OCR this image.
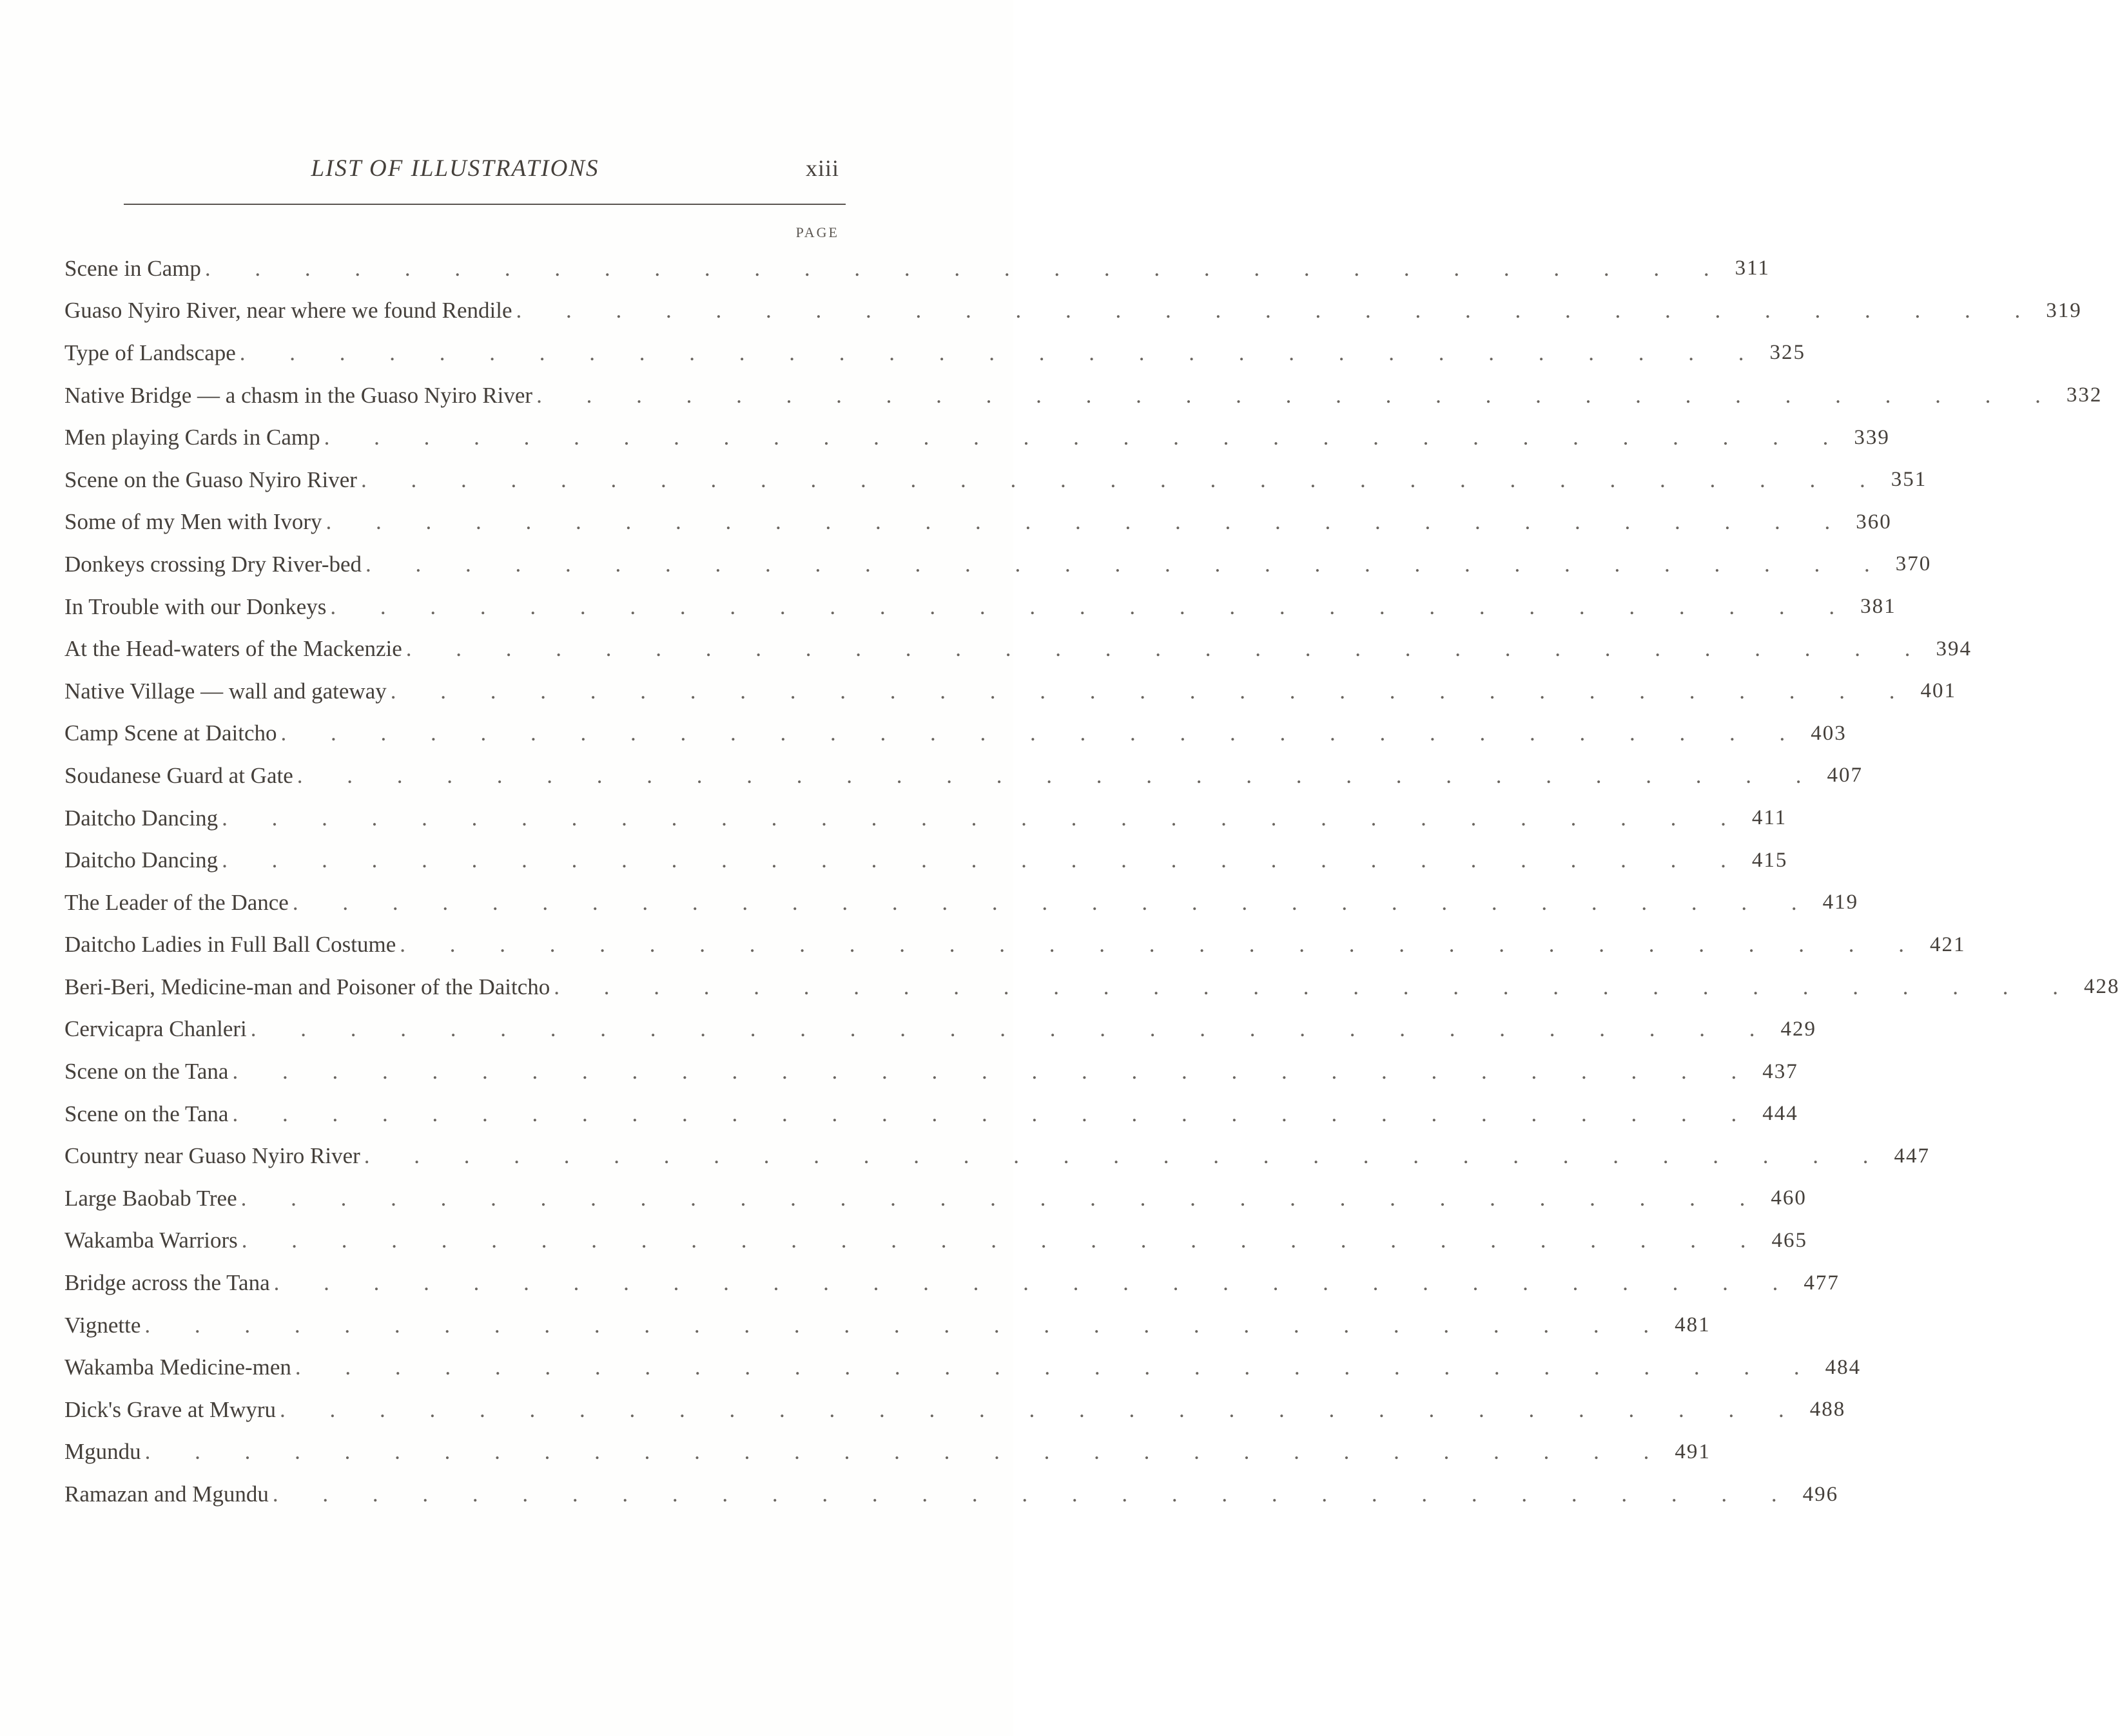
LIST OF ILLUSTRATIONS	xiii
PAGE
Scene in Camp . . . . . . . . . . . . . . . . . . . . . . . . . . . . . . . 311
Guaso Nyiro River, near where we found Rendile . . . . . . . . . . . . . . . . . . . . . . . . . . . . . . . 319
Type of Landscape . . . . . . . . . . . . . . . . . . . . . . . . . . . . . . . 325
Native Bridge — a chasm in the Guaso Nyiro River . . . . . . . . . . . . . . . . . . . . . . . . . . . . . . . 332
Men playing Cards in Camp . . . . . . . . . . . . . . . . . . . . . . . . . . . . . . . 339
Scene on the Guaso Nyiro River . . . . . . . . . . . . . . . . . . . . . . . . . . . . . . . 351
Some of my Men with Ivory . . . . . . . . . . . . . . . . . . . . . . . . . . . . . . . 360
Donkeys crossing Dry River-bed . . . . . . . . . . . . . . . . . . . . . . . . . . . . . . . 370
In Trouble with our Donkeys . . . . . . . . . . . . . . . . . . . . . . . . . . . . . . . 381
At the Head-waters of the Mackenzie . . . . . . . . . . . . . . . . . . . . . . . . . . . . . . . 394
Native Village — wall and gateway . . . . . . . . . . . . . . . . . . . . . . . . . . . . . . . 401
Camp Scene at Daitcho . . . . . . . . . . . . . . . . . . . . . . . . . . . . . . . 403
Soudanese Guard at Gate . . . . . . . . . . . . . . . . . . . . . . . . . . . . . . . 407
Daitcho Dancing . . . . . . . . . . . . . . . . . . . . . . . . . . . . . . . 411
Daitcho Dancing . . . . . . . . . . . . . . . . . . . . . . . . . . . . . . . 415
The Leader of the Dance . . . . . . . . . . . . . . . . . . . . . . . . . . . . . . . 419
Daitcho Ladies in Full Ball Costume . . . . . . . . . . . . . . . . . . . . . . . . . . . . . . . 421
Beri-Beri, Medicine-man and Poisoner of the Daitcho . . . . . . . . . . . . . . . . . . . . . . . . . . . . . . . 428
Cervicapra Chanleri . . . . . . . . . . . . . . . . . . . . . . . . . . . . . . . 429
Scene on the Tana . . . . . . . . . . . . . . . . . . . . . . . . . . . . . . . 437
Scene on the Tana . . . . . . . . . . . . . . . . . . . . . . . . . . . . . . . 444
Country near Guaso Nyiro River . . . . . . . . . . . . . . . . . . . . . . . . . . . . . . . 447
Large Baobab Tree . . . . . . . . . . . . . . . . . . . . . . . . . . . . . . . 460
Wakamba Warriors . . . . . . . . . . . . . . . . . . . . . . . . . . . . . . . 465
Bridge across the Tana . . . . . . . . . . . . . . . . . . . . . . . . . . . . . . . 477
Vignette . . . . . . . . . . . . . . . . . . . . . . . . . . . . . . . 481
Wakamba Medicine-men . . . . . . . . . . . . . . . . . . . . . . . . . . . . . . . 484
Dick's Grave at Mwyru . . . . . . . . . . . . . . . . . . . . . . . . . . . . . . . 488
Mgundu . . . . . . . . . . . . . . . . . . . . . . . . . . . . . . . 491
Ramazan and Mgundu . . . . . . . . . . . . . . . . . . . . . . . . . . . . . . . 496
